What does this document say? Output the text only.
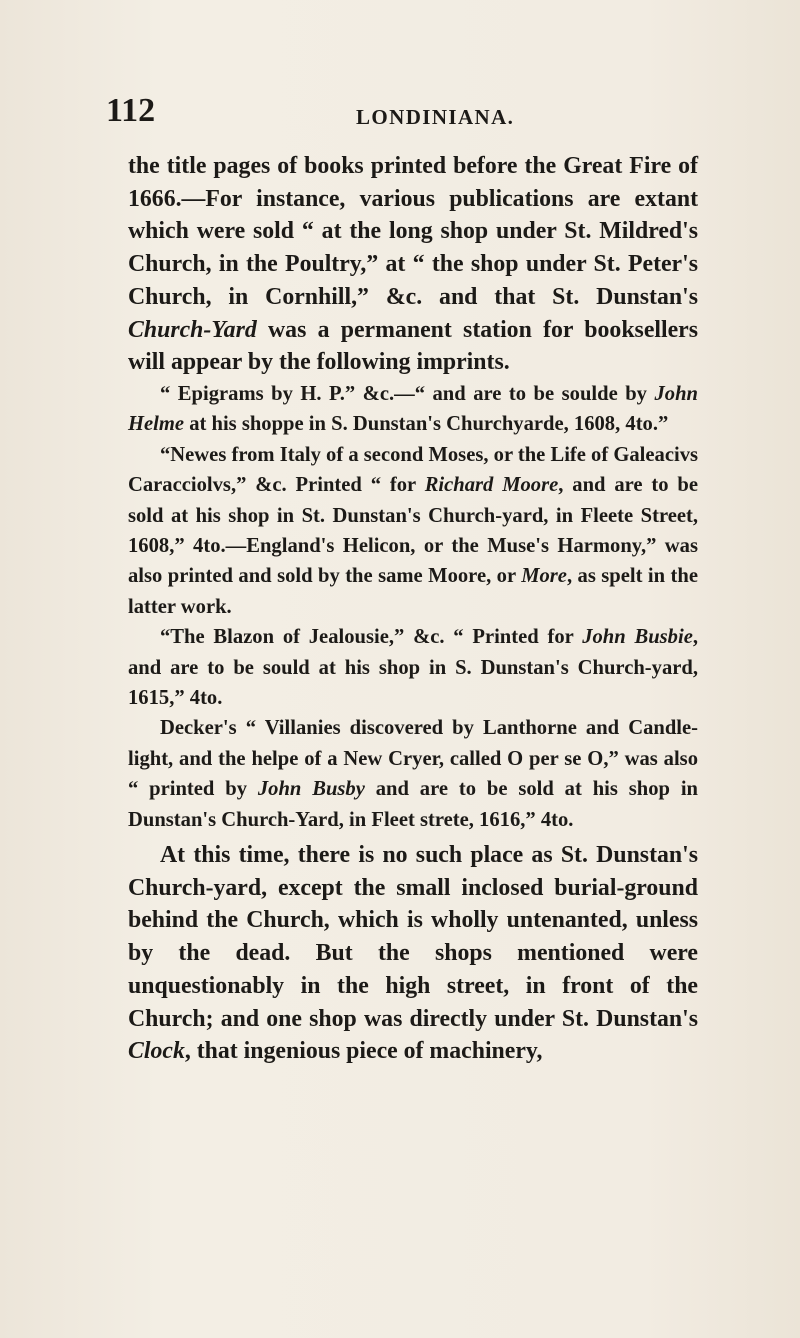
112	LONDINIANA.

the title pages of books printed before the Great Fire of 1666.—For instance, various publications are extant which were sold “ at the long shop under St. Mildred's Church, in the Poultry,” at “ the shop under St. Peter's Church, in Cornhill,” &c. and that St. Dunstan's Church-Yard was a permanent station for booksellers will appear by the following imprints.

“ Epigrams by H. P.” &c.—“ and are to be soulde by John Helme at his shoppe in S. Dunstan's Churchyarde, 1608, 4to.”

“Newes from Italy of a second Moses, or the Life of Galeacivs Caracciolvs,” &c. Printed “ for Richard Moore, and are to be sold at his shop in St. Dunstan's Church-yard, in Fleete Street, 1608,” 4to.—England's Helicon, or the Muse's Harmony,” was also printed and sold by the same Moore, or More, as spelt in the latter work.

“The Blazon of Jealousie,” &c. “ Printed for John Busbie, and are to be sould at his shop in S. Dunstan's Church-yard, 1615,” 4to.

Decker's “ Villanies discovered by Lanthorne and Candle-light, and the helpe of a New Cryer, called O per se O,” was also “ printed by John Busby and are to be sold at his shop in Dunstan's Church-Yard, in Fleet strete, 1616,” 4to.

At this time, there is no such place as St. Dunstan's Church-yard, except the small inclosed burial-ground behind the Church, which is wholly untenanted, unless by the dead. But the shops mentioned were unquestionably in the high street, in front of the Church; and one shop was directly under St. Dunstan's Clock, that ingenious piece of machinery,
